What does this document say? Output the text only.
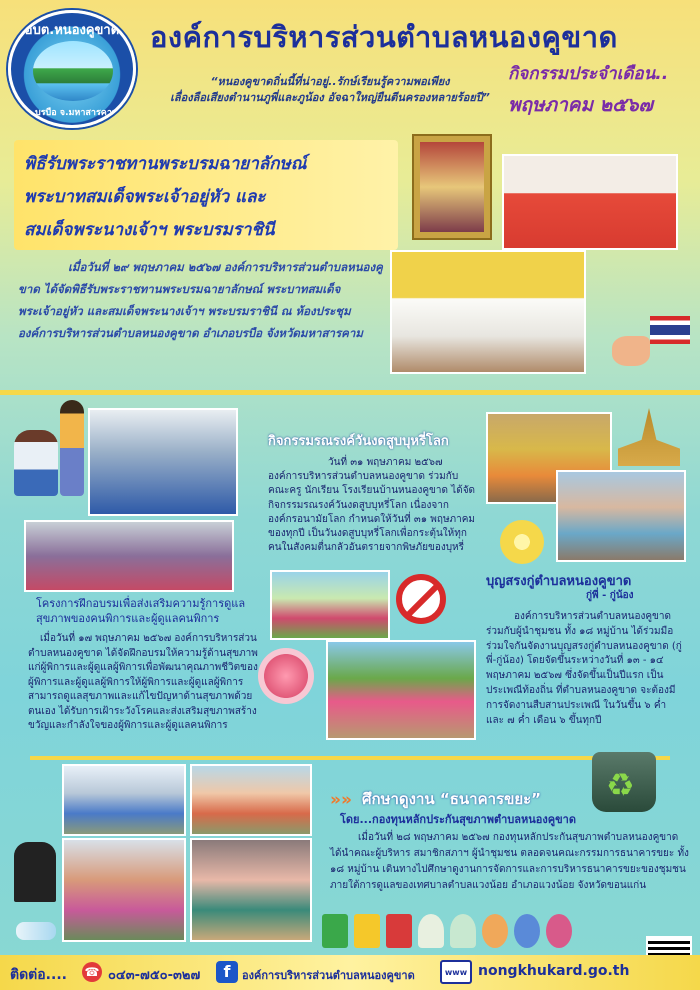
อบต.หนองคูขาด
อ.บรบือ จ.มหาสารคาม
องค์การบริหารส่วนตำบลหนองคูขาด
“หนองคูขาดถิ่นนี้ที่น่าอยู่..รักษ์เรียนรู้ความพอเพียง
เลื่องลือเสียงตำนานภูพี่และภูน้อง อัจฉาใหญ่ยืนตีนครองหลายร้อยปี”
กิจกรรมประจำเดือน..
พฤษภาคม ๒๕๖๗
พิธีรับพระราชทานพระบรมฉายาลักษณ์
พระบาทสมเด็จพระเจ้าอยู่หัว และ
สมเด็จพระนางเจ้าฯ พระบรมราชินี
เมื่อวันที่ ๒๙ พฤษภาคม ๒๕๖๗ องค์การบริหารส่วนตำบลหนองคูขาด ได้จัดพิธีรับพระราชทานพระบรมฉายาลักษณ์ พระบาทสมเด็จพระเจ้าอยู่หัว และสมเด็จพระนางเจ้าฯ พระบรมราชินี ณ ห้องประชุมองค์การบริหารส่วนตำบลหนองคูขาด อำเภอบรบือ จังหวัดมหาสารคาม
โครงการฝึกอบรมเพื่อส่งเสริมความรู้การดูแลสุขภาพของคนพิการและผู้ดูแลคนพิการ
เมื่อวันที่ ๑๗ พฤษภาคม ๒๕๖๗ องค์การบริหารส่วนตำบลหนองคูขาด ได้จัดฝึกอบรมให้ความรู้ด้านสุขภาพแก่ผู้พิการและผู้ดูแลผู้พิการเพื่อพัฒนาคุณภาพชีวิตของผู้พิการและผู้ดูแลผู้พิการให้ผู้พิการและผู้ดูแลผู้พิการสามารถดูแลสุขภาพและแก้ไขปัญหาด้านสุขภาพด้วยตนเอง ได้รับการเฝ้าระวังโรคและส่งเสริมสุขภาพสร้างขวัญและกำลังใจของผู้พิการและผู้ดูแลคนพิการ
กิจกรรมรณรงค์วันงดสูบบุหรี่โลก
วันที่ ๓๑ พฤษภาคม ๒๕๖๗ องค์การบริหารส่วนตำบลหนองคูขาด ร่วมกับคณะครู นักเรียน โรงเรียนบ้านหนองคูขาด ได้จัดกิจกรรมรณรงค์วันงดสูบบุหรี่โลก เนื่องจากองค์กรอนามัยโลก กำหนดให้วันที่ ๓๑ พฤษภาคม ของทุกปี เป็นวันงดสูบบุหรี่โลกเพื่อกระตุ้นให้ทุกคนในสังคมตื่นกลัวอันตรายจากพิษภัยของบุหรี่
บุญสรงกู่ตำบลหนองคูขาด
กู่พี่ - กู่น้อง
องค์การบริหารส่วนตำบลหนองคูขาด ร่วมกับผู้นำชุมชน ทั้ง ๑๘ หมู่บ้าน ได้ร่วมมือร่วมใจกันจัดงานบุญสรงกู่ตำบลหนองคูขาด (กู่พี่-กู่น้อง) โดยจัดขึ้นระหว่างวันที่ ๑๓ - ๑๔ พฤษภาคม ๒๕๖๗ ซึ่งจัดขึ้นเป็นปีแรก เป็นประเพณีท้องถิ่น ที่ตำบลหนองคูขาด จะต้องมีการจัดงานสืบสานประเพณี ในวันขึ้น ๖ ค่ำ และ ๗ ค่ำ เดือน ๖ ขึ้นทุกปี
»» ศึกษาดูงาน “ธนาคารขยะ”
โดย...กองทุนหลักประกันสุขภาพตำบลหนองคูขาด
เมื่อวันที่ ๒๘ พฤษภาคม ๒๕๖๗ กองทุนหลักประกันสุขภาพตำบลหนองคูขาด ได้นำคณะผู้บริหาร สมาชิกสภาฯ ผู้นำชุมชน ตลอดจนคณะกรรมการธนาคารขยะ ทั้ง ๑๘ หมู่บ้าน เดินทางไปศึกษาดูงานการจัดการและการบริหารธนาคารขยะของชุมชน ภายใต้การดูแลของเทศบาลตำบลแวงน้อย อำเภอแวงน้อย จังหวัดขอนแก่น
♻
ติดต่อ.... ☎ ๐๔๓-๗๕๐-๓๒๗	f	องค์การบริหารส่วนตำบลหนองคูขาด	www nongkhukard.go.th
